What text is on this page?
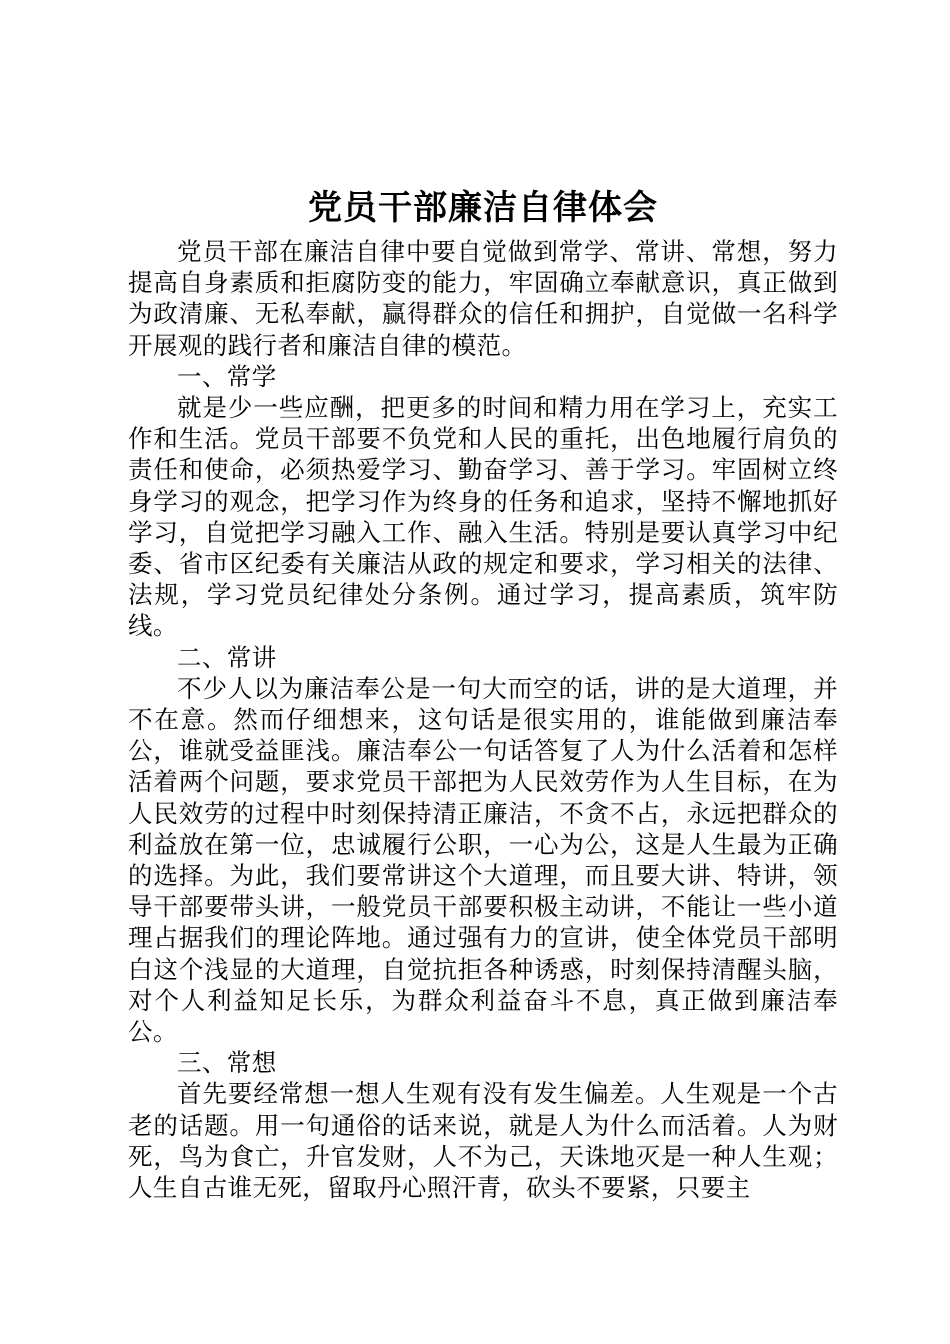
党员干部廉洁自律体会

党员干部在廉洁自律中要自觉做到常学、常讲、常想，努力提高自身素质和拒腐防变的能力，牢固确立奉献意识，真正做到为政清廉、无私奉献，赢得群众的信任和拥护，自觉做一名科学开展观的践行者和廉洁自律的模范。

一、常学

就是少一些应酬，把更多的时间和精力用在学习上，充实工作和生活。党员干部要不负党和人民的重托，出色地履行肩负的责任和使命，必须热爱学习、勤奋学习、善于学习。牢固树立终身学习的观念，把学习作为终身的任务和追求，坚持不懈地抓好学习，自觉把学习融入工作、融入生活。特别是要认真学习中纪委、省市区纪委有关廉洁从政的规定和要求，学习相关的法律、法规，学习党员纪律处分条例。通过学习，提高素质，筑牢防线。

二、常讲

不少人以为廉洁奉公是一句大而空的话，讲的是大道理，并不在意。然而仔细想来，这句话是很实用的，谁能做到廉洁奉公，谁就受益匪浅。廉洁奉公一句话答复了人为什么活着和怎样活着两个问题，要求党员干部把为人民效劳作为人生目标，在为人民效劳的过程中时刻保持清正廉洁，不贪不占，永远把群众的利益放在第一位，忠诚履行公职，一心为公，这是人生最为正确的选择。为此，我们要常讲这个大道理，而且要大讲、特讲，领导干部要带头讲，一般党员干部要积极主动讲，不能让一些小道理占据我们的理论阵地。通过强有力的宣讲，使全体党员干部明白这个浅显的大道理，自觉抗拒各种诱惑，时刻保持清醒头脑，对个人利益知足长乐，为群众利益奋斗不息，真正做到廉洁奉公。

三、常想

首先要经常想一想人生观有没有发生偏差。人生观是一个古老的话题。用一句通俗的话来说，就是人为什么而活着。人为财死，鸟为食亡，升官发财，人不为己，天诛地灭是一种人生观；人生自古谁无死，留取丹心照汗青，砍头不要紧，只要主
